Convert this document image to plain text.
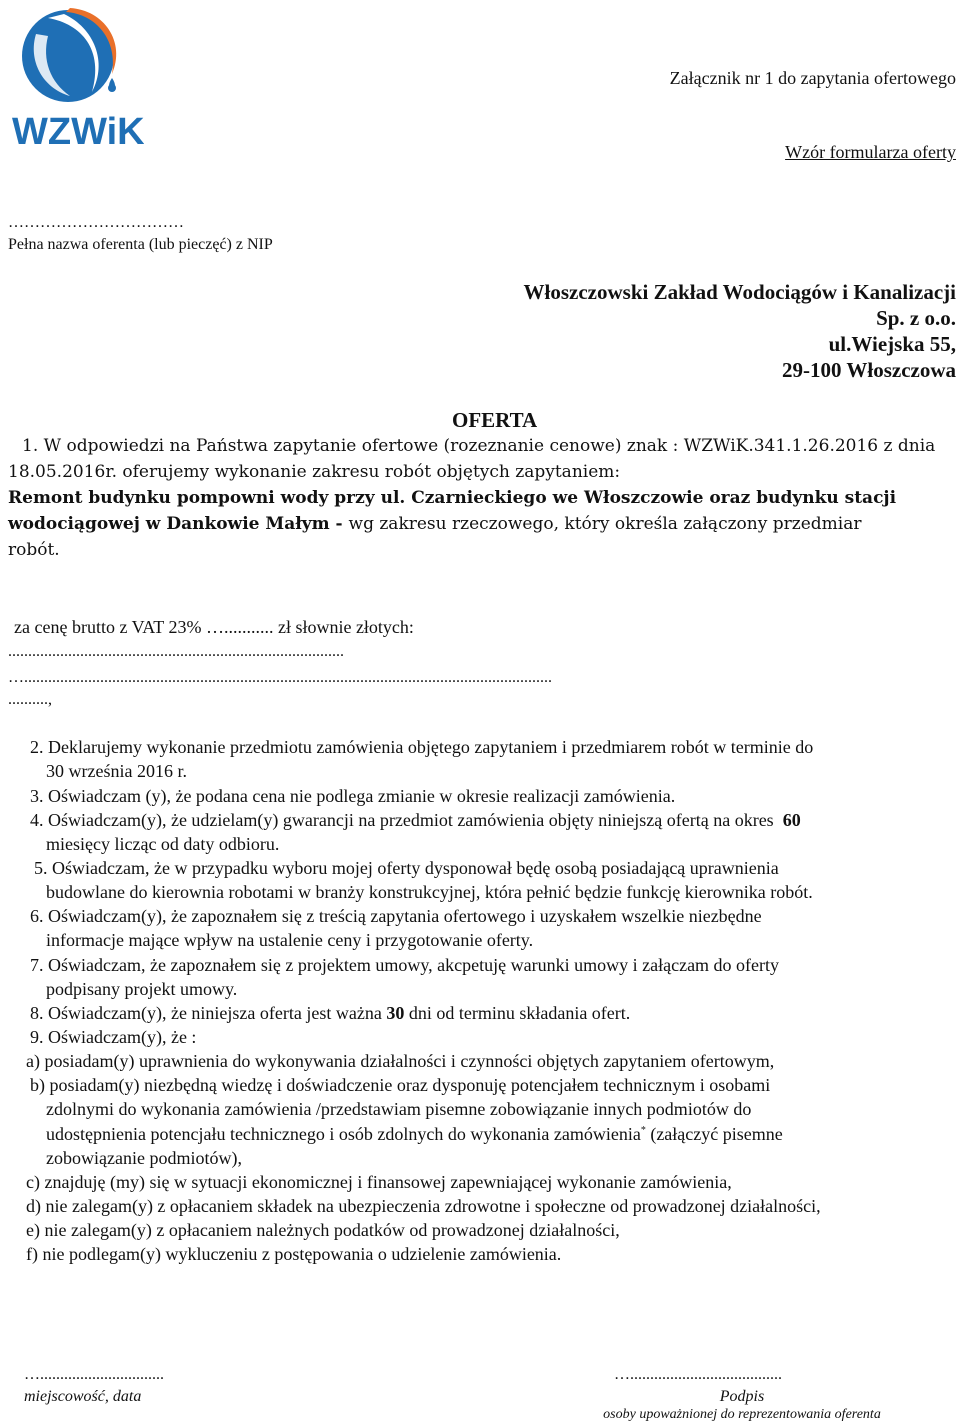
WZWiK
Załącznik nr 1 do zapytania ofertowego
Wzór formularza oferty
……………………………
Pełna nazwa oferenta (lub pieczęć) z NIP
Włoszczowski Zakład Wodociągów i Kanalizacji
Sp. z o.o.
ul.Wiejska 55,
29-100 Włoszczowa
OFERTA
1. W odpowiedzi na Państwa zapytanie ofertowe (rozeznanie cenowe) znak : WZWiK.341.1.26.2016 z dnia
18.05.2016r. oferujemy wykonanie zakresu robót objętych zapytaniem:
Remont budynku pompowni wody przy ul. Czarnieckiego we Włoszczowie oraz budynku stacji
wodociągowej w Dankowie Małym - wg zakresu rzeczowego, który określa załączony przedmiar
robót.
za cenę brutto z VAT 23% …........... zł słownie złotych:
....................................................................................
…....................................................................................................................................
..........,
2. Deklarujemy wykonanie przedmiotu zamówienia objętego zapytaniem i przedmiarem robót w terminie do
30 września 2016 r.
3. Oświadczam (y), że podana cena nie podlega zmianie w okresie realizacji zamówienia.
4. Oświadczam(y), że udzielam(y) gwarancji na przedmiot zamówienia objęty niniejszą ofertą na okres 60
miesięcy licząc od daty odbioru.
5. Oświadczam, że w przypadku wyboru mojej oferty dysponował będę osobą posiadającą uprawnienia
budowlane do kierownia robotami w branży konstrukcyjnej, która pełnić będzie funkcję kierownika robót.
6. Oświadczam(y), że zapoznałem się z treścią zapytania ofertowego i uzyskałem wszelkie niezbędne
informacje mające wpływ na ustalenie ceny i przygotowanie oferty.
7. Oświadczam, że zapoznałem się z projektem umowy, akcpetuję warunki umowy i załączam do oferty
podpisany projekt umowy.
8. Oświadczam(y), że niniejsza oferta jest ważna 30 dni od terminu składania ofert.
9. Oświadczam(y), że :
a) posiadam(y) uprawnienia do wykonywania działalności i czynności objętych zapytaniem ofertowym,
b) posiadam(y) niezbędną wiedzę i doświadczenie oraz dysponuję potencjałem technicznym i osobami
zdolnymi do wykonania zamówienia /przedstawiam pisemne zobowiązanie innych podmiotów do
udostępnienia potencjału technicznego i osób zdolnych do wykonania zamówienia* (załączyć pisemne
zobowiązanie podmiotów),
c) znajduję (my) się w sytuacji ekonomicznej i finansowej zapewniającej wykonanie zamówienia,
d) nie zalegam(y) z opłacaniem składek na ubezpieczenia zdrowotne i społeczne od prowadzonej działalności,
e) nie zalegam(y) z opłacaniem należnych podatków od prowadzonej działalności,
f) nie podlegam(y) wykluczeniu z postępowania o udzielenie zamówienia.
…...............................
miejscowość, data
…......................................
Podpis
osoby upoważnionej do reprezentowania oferenta
